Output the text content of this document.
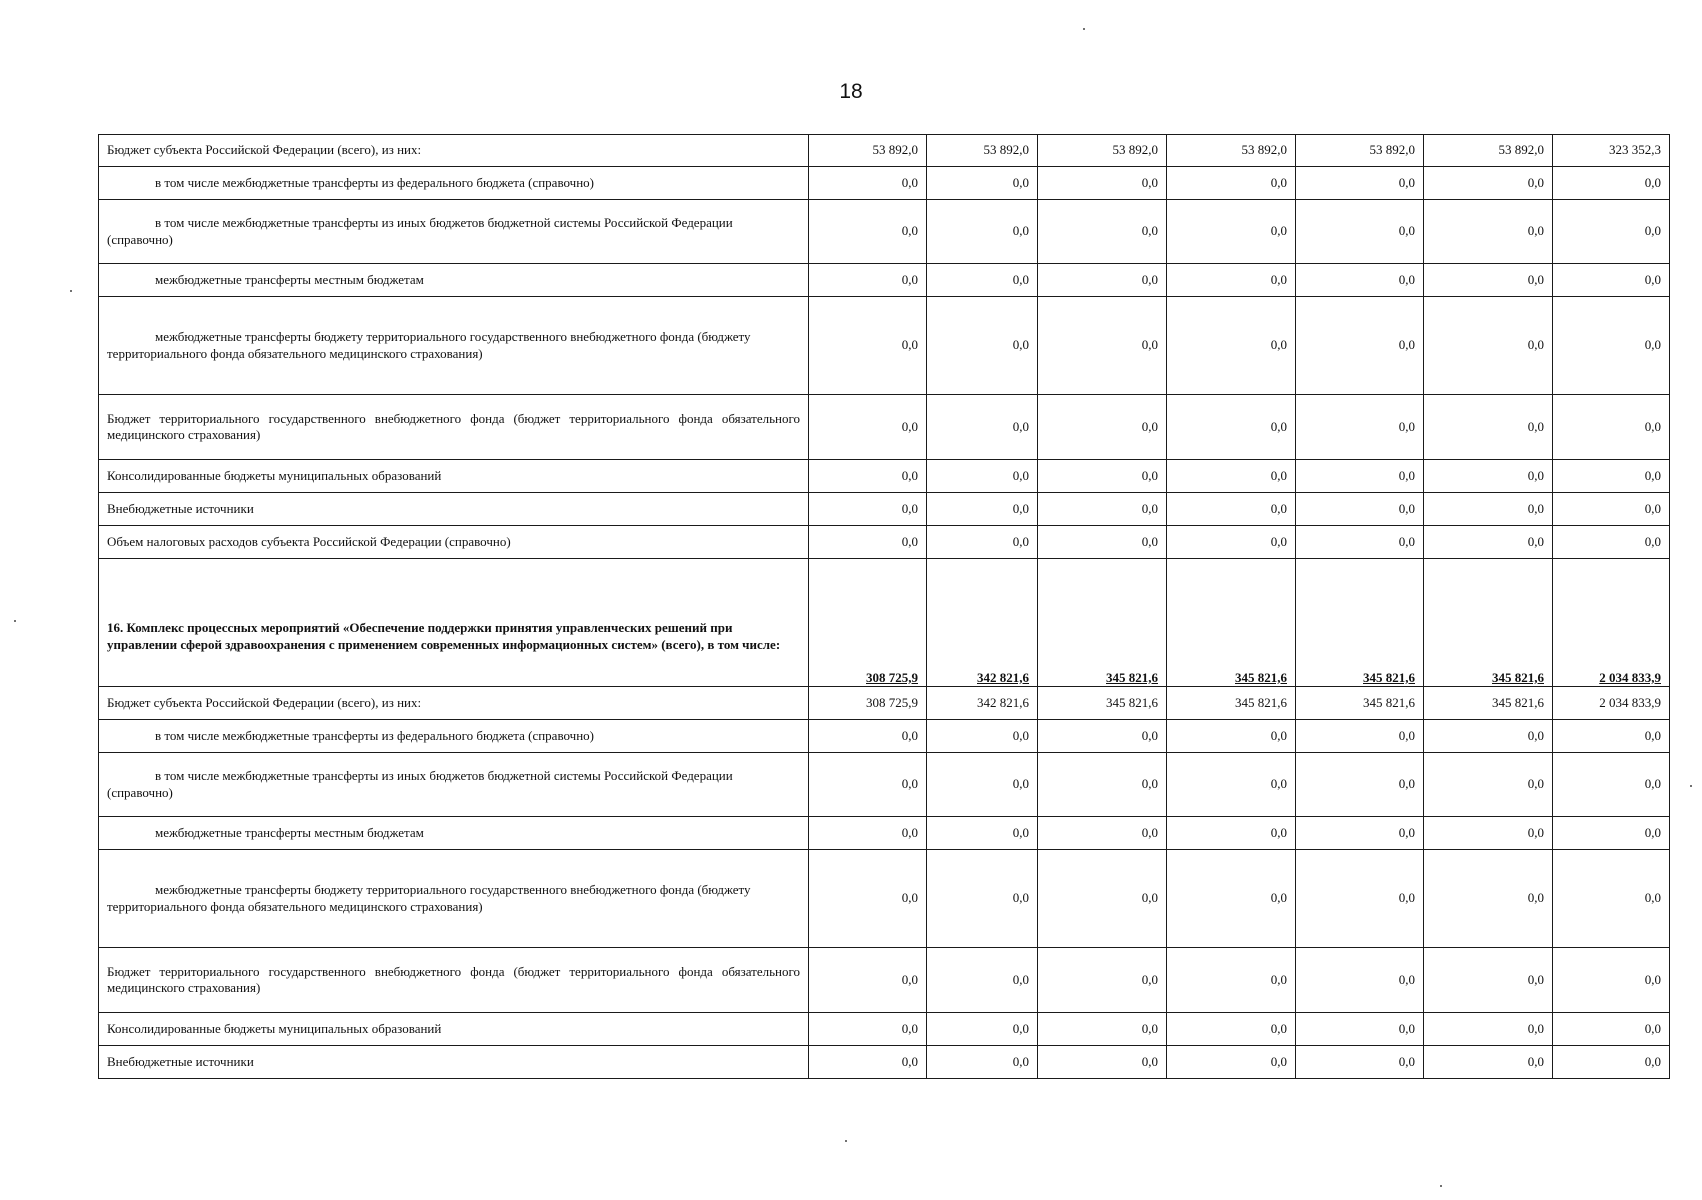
18
Бюджет субъекта Российской Федерации (всего), из них:	53 892,0	53 892,0	53 892,0	53 892,0	53 892,0	53 892,0	323 352,3
в том числе межбюджетные трансферты из федерального бюджета (справочно)	0,0	0,0	0,0	0,0	0,0	0,0	0,0
в том числе межбюджетные трансферты из иных бюджетов бюджетной системы Российской Федерации (справочно)	0,0	0,0	0,0	0,0	0,0	0,0	0,0
межбюджетные трансферты местным бюджетам	0,0	0,0	0,0	0,0	0,0	0,0	0,0
межбюджетные трансферты бюджету территориального государственного внебюджетного фонда (бюджету территориального фонда обязательного медицинского страхования)	0,0	0,0	0,0	0,0	0,0	0,0	0,0
Бюджет территориального государственного внебюджетного фонда (бюджет территориального фонда обязательного медицинского страхования)	0,0	0,0	0,0	0,0	0,0	0,0	0,0
Консолидированные бюджеты муниципальных образований	0,0	0,0	0,0	0,0	0,0	0,0	0,0
Внебюджетные источники	0,0	0,0	0,0	0,0	0,0	0,0	0,0
Объем налоговых расходов субъекта Российской Федерации (справочно)	0,0	0,0	0,0	0,0	0,0	0,0	0,0
16. Комплекс процессных мероприятий «Обеспечение поддержки принятия управленческих решений при управлении сферой здравоохранения с применением современных информационных систем» (всего), в том числе:	308 725,9	342 821,6	345 821,6	345 821,6	345 821,6	345 821,6	2 034 833,9
Бюджет субъекта Российской Федерации (всего), из них:	308 725,9	342 821,6	345 821,6	345 821,6	345 821,6	345 821,6	2 034 833,9
в том числе межбюджетные трансферты из федерального бюджета (справочно)	0,0	0,0	0,0	0,0	0,0	0,0	0,0
в том числе межбюджетные трансферты из иных бюджетов бюджетной системы Российской Федерации (справочно)	0,0	0,0	0,0	0,0	0,0	0,0	0,0
межбюджетные трансферты местным бюджетам	0,0	0,0	0,0	0,0	0,0	0,0	0,0
межбюджетные трансферты бюджету территориального государственного внебюджетного фонда (бюджету территориального фонда обязательного медицинского страхования)	0,0	0,0	0,0	0,0	0,0	0,0	0,0
Бюджет территориального государственного внебюджетного фонда (бюджет территориального фонда обязательного медицинского страхования)	0,0	0,0	0,0	0,0	0,0	0,0	0,0
Консолидированные бюджеты муниципальных образований	0,0	0,0	0,0	0,0	0,0	0,0	0,0
Внебюджетные источники	0,0	0,0	0,0	0,0	0,0	0,0	0,0
